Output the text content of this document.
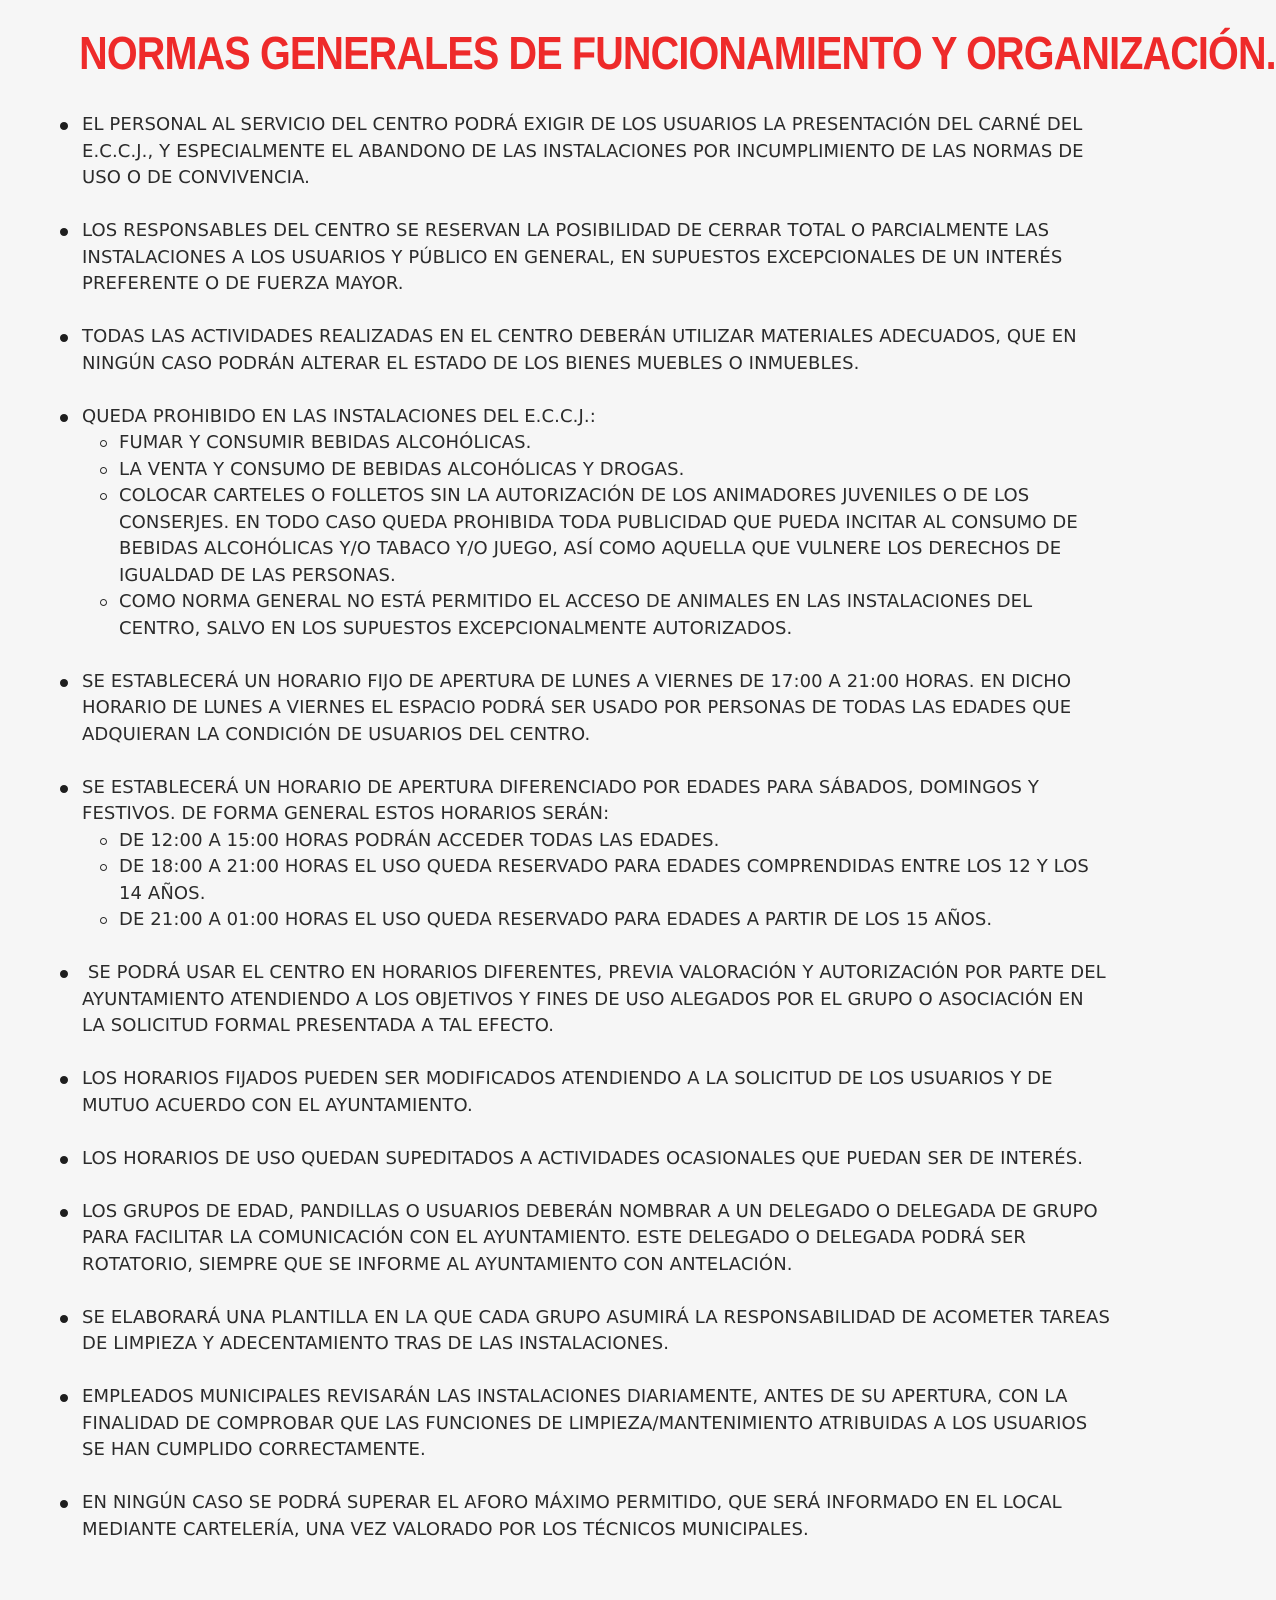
NORMAS GENERALES DE FUNCIONAMIENTO Y ORGANIZACIÓN.
EL PERSONAL AL SERVICIO DEL CENTRO PODRÁ EXIGIR DE LOS USUARIOS LA PRESENTACIÓN DEL CARNÉ DEL E.C.C.J., Y ESPECIALMENTE EL ABANDONO DE LAS INSTALACIONES POR INCUMPLIMIENTO DE LAS NORMAS DE USO O DE CONVIVENCIA.
LOS RESPONSABLES DEL CENTRO SE RESERVAN LA POSIBILIDAD DE CERRAR TOTAL O PARCIALMENTE LAS INSTALACIONES A LOS USUARIOS Y PÚBLICO EN GENERAL, EN SUPUESTOS EXCEPCIONALES DE UN INTERÉS PREFERENTE O DE FUERZA MAYOR.
TODAS LAS ACTIVIDADES REALIZADAS EN EL CENTRO DEBERÁN UTILIZAR MATERIALES ADECUADOS, QUE EN NINGÚN CASO PODRÁN ALTERAR EL ESTADO DE LOS BIENES MUEBLES O INMUEBLES.
QUEDA PROHIBIDO EN LAS INSTALACIONES DEL E.C.C.J.:
FUMAR Y CONSUMIR BEBIDAS ALCOHÓLICAS.
LA VENTA Y CONSUMO DE BEBIDAS ALCOHÓLICAS Y DROGAS.
COLOCAR CARTELES O FOLLETOS SIN LA AUTORIZACIÓN DE LOS ANIMADORES JUVENILES O DE LOS CONSERJES. EN TODO CASO QUEDA PROHIBIDA TODA PUBLICIDAD QUE PUEDA INCITAR AL CONSUMO DE BEBIDAS ALCOHÓLICAS Y/O TABACO Y/O JUEGO, ASÍ COMO AQUELLA QUE VULNERE LOS DERECHOS DE IGUALDAD DE LAS PERSONAS.
COMO NORMA GENERAL NO ESTÁ PERMITIDO EL ACCESO DE ANIMALES EN LAS INSTALACIONES DEL CENTRO, SALVO EN LOS SUPUESTOS EXCEPCIONALMENTE AUTORIZADOS.
SE ESTABLECERÁ UN HORARIO FIJO DE APERTURA DE LUNES A VIERNES DE 17:00 A 21:00 HORAS. EN DICHO HORARIO DE LUNES A VIERNES EL ESPACIO PODRÁ SER USADO POR PERSONAS DE TODAS LAS EDADES QUE ADQUIERAN LA CONDICIÓN DE USUARIOS DEL CENTRO.
SE ESTABLECERÁ UN HORARIO DE APERTURA DIFERENCIADO POR EDADES PARA SÁBADOS, DOMINGOS Y FESTIVOS. DE FORMA GENERAL ESTOS HORARIOS SERÁN:
DE 12:00 A 15:00 HORAS PODRÁN ACCEDER TODAS LAS EDADES.
DE 18:00 A 21:00 HORAS EL USO QUEDA RESERVADO PARA EDADES COMPRENDIDAS ENTRE LOS 12 Y LOS 14 AÑOS.
DE 21:00 A 01:00 HORAS EL USO QUEDA RESERVADO PARA EDADES A PARTIR DE LOS 15 AÑOS.
SE PODRÁ USAR EL CENTRO EN HORARIOS DIFERENTES, PREVIA VALORACIÓN Y AUTORIZACIÓN POR PARTE DEL AYUNTAMIENTO ATENDIENDO A LOS OBJETIVOS Y FINES DE USO ALEGADOS POR EL GRUPO O ASOCIACIÓN EN LA SOLICITUD FORMAL PRESENTADA A TAL EFECTO.
LOS HORARIOS FIJADOS PUEDEN SER MODIFICADOS ATENDIENDO A LA SOLICITUD DE LOS USUARIOS Y DE MUTUO ACUERDO CON EL AYUNTAMIENTO.
LOS HORARIOS DE USO QUEDAN SUPEDITADOS A ACTIVIDADES OCASIONALES QUE PUEDAN SER DE INTERÉS.
LOS GRUPOS DE EDAD, PANDILLAS O USUARIOS DEBERÁN NOMBRAR A UN DELEGADO O DELEGADA DE GRUPO PARA FACILITAR LA COMUNICACIÓN CON EL AYUNTAMIENTO. ESTE DELEGADO O DELEGADA PODRÁ SER ROTATORIO, SIEMPRE QUE SE INFORME AL AYUNTAMIENTO CON ANTELACIÓN.
SE ELABORARÁ UNA PLANTILLA EN LA QUE CADA GRUPO ASUMIRÁ LA RESPONSABILIDAD DE ACOMETER TAREAS DE LIMPIEZA Y ADECENTAMIENTO TRAS DE LAS INSTALACIONES.
EMPLEADOS MUNICIPALES REVISARÁN LAS INSTALACIONES DIARIAMENTE, ANTES DE SU APERTURA, CON LA FINALIDAD DE COMPROBAR QUE LAS FUNCIONES DE LIMPIEZA/MANTENIMIENTO ATRIBUIDAS A LOS USUARIOS SE HAN CUMPLIDO CORRECTAMENTE.
EN NINGÚN CASO SE PODRÁ SUPERAR EL AFORO MÁXIMO PERMITIDO, QUE SERÁ INFORMADO EN EL LOCAL MEDIANTE CARTELERÍA, UNA VEZ VALORADO POR LOS TÉCNICOS MUNICIPALES.
